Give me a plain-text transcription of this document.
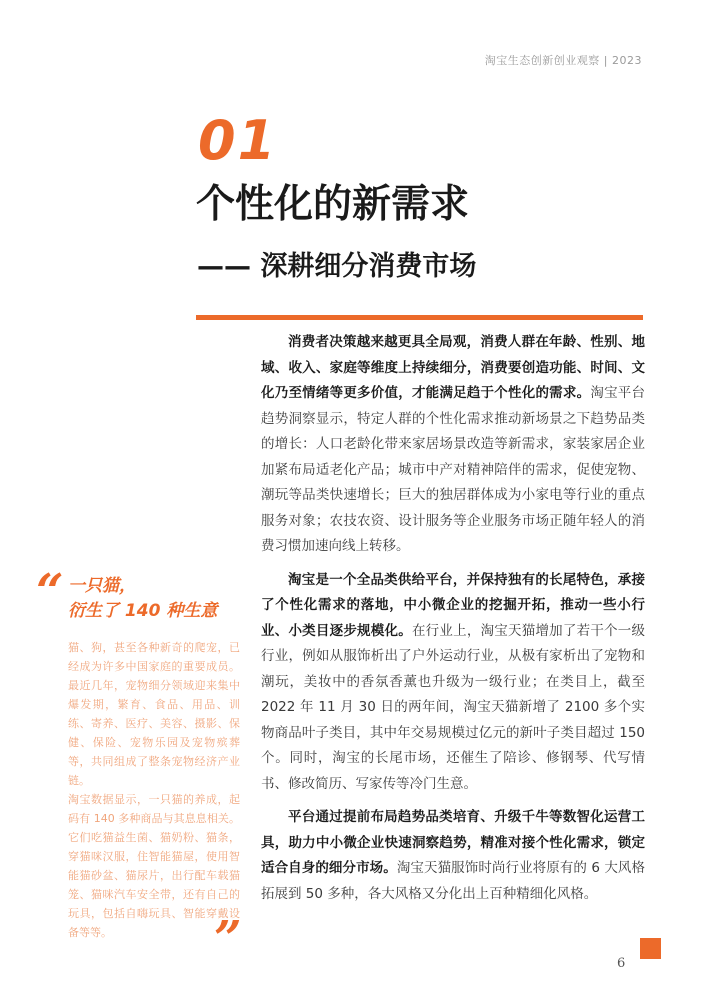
淘宝生态创新创业观察 | 2023
01
个性化的新需求
—— 深耕细分消费市场

消费者决策越来越更具全局观，消费人群在年龄、性别、地域、收入、家庭等维度上持续细分，消费要创造功能、时间、文化乃至情绪等更多价值，才能满足趋于个性化的需求。淘宝平台趋势洞察显示，特定人群的个性化需求推动新场景之下趋势品类的增长：人口老龄化带来家居场景改造等新需求，家装家居企业加紧布局适老化产品；城市中产对精神陪伴的需求，促使宠物、潮玩等品类快速增长；巨大的独居群体成为小家电等行业的重点服务对象；农技农资、设计服务等企业服务市场正随年轻人的消费习惯加速向线上转移。

淘宝是一个全品类供给平台，并保持独有的长尾特色，承接了个性化需求的落地，中小微企业的挖掘开拓，推动一些小行业、小类目逐步规模化。在行业上，淘宝天猫增加了若干个一级行业，例如从服饰析出了户外运动行业，从极有家析出了宠物和潮玩，美妆中的香氛香薰也升级为一级行业；在类目上，截至 2022 年 11 月 30 日的两年间，淘宝天猫新增了 2100 多个实物商品叶子类目，其中年交易规模过亿元的新叶子类目超过 150 个。同时，淘宝的长尾市场，还催生了陪诊、修钢琴、代写情书、修改简历、写家传等冷门生意。

平台通过提前布局趋势品类培育、升级千牛等数智化运营工具，助力中小微企业快速洞察趋势，精准对接个性化需求，锁定适合自身的细分市场。淘宝天猫服饰时尚行业将原有的 6 大风格拓展到 50 多种，各大风格又分化出上百种精细化风格。

“ 一只猫，
衍生了 140 种生意

猫、狗，甚至各种新奇的爬宠，已经成为许多中国家庭的重要成员。最近几年，宠物细分领域迎来集中爆发期，繁育、食品、用品、训练、寄养、医疗、美容、摄影、保健、保险、宠物乐园及宠物殡葬等，共同组成了整条宠物经济产业链。

淘宝数据显示，一只猫的养成，起码有 140 多种商品与其息息相关。它们吃猫益生菌、猫奶粉、猫条，穿猫咪汉服，住智能猫屋，使用智能猫砂盆、猫尿片，出行配车载猫笼、猫咪汽车安全带，还有自己的玩具，包括自嗨玩具、智能穿戴设备等等。	”	6
